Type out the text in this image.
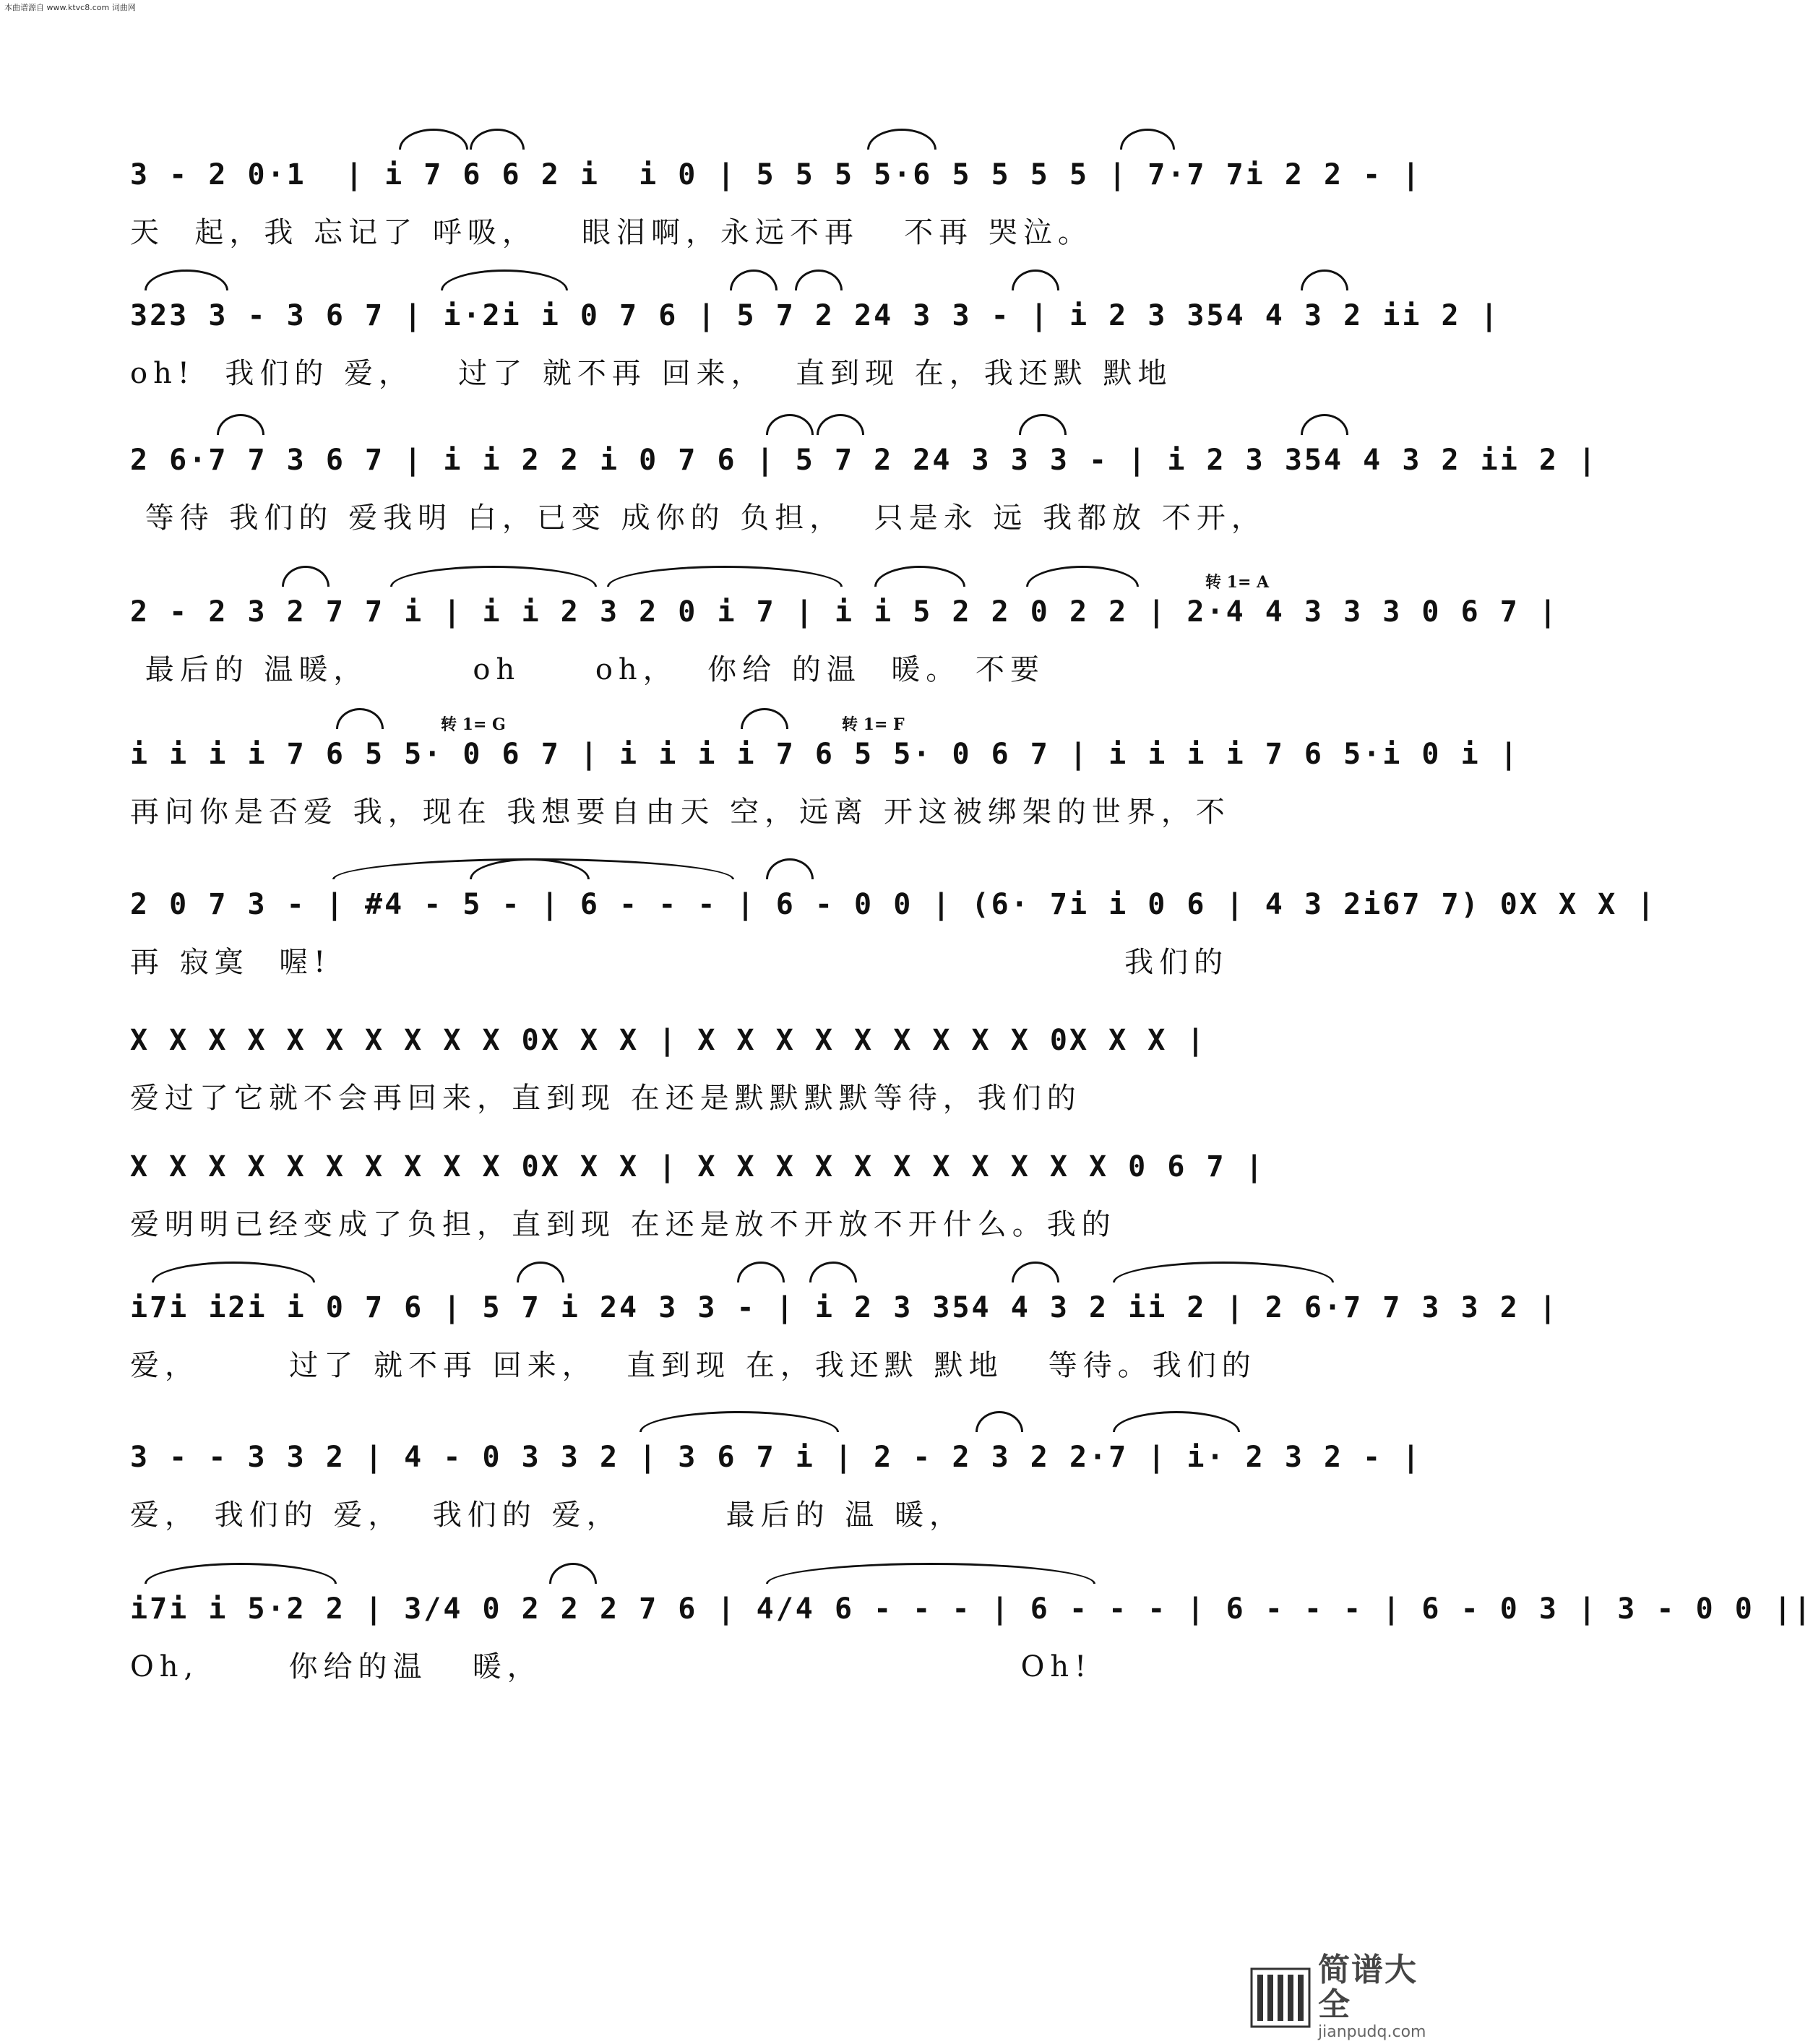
本曲谱源自 www.ktvc8.com 词曲网
3 - 2 0·1  | i 7 6 6 2 i  i 0 | 5 5 5 5·6 5 5 5 5 | 7·7 7i 2 2 - |
天  起，我 忘记了 呼吸，   眼泪啊，永远不再   不再 哭泣。
323 3 - 3 6 7 | i·2i i 0 7 6 | 5 7 2 24 3 3 - | i 2 3 354 4 3 2 ii 2 |
oh!  我们的 爱，   过了 就不再 回来，  直到现 在，我还默 默地
2 6·7 7 3 6 7 | i i 2 2 i 0 7 6 | 5 7 2 24 3 3 3 - | i 2 3 354 4 3 2 ii 2 |
等待 我们的 爱我明 白，已变 成你的 负担，  只是永 远 我都放 不开，
转 1= A
2 - 2 3 2 7 7 i | i i 2 3 2 0 i 7 | i i 5 2 2 0 2 2 | 2·4 4 3 3 3 0 6 7 |
最后的 温暖，       oh     oh，  你给 的温  暖。 不要
转 1= G	转 1= F
i i i i 7 6 5 5· 0 6 7 | i i i i 7 6 5 5· 0 6 7 | i i i i 7 6 5·i 0 i |
再问你是否爱 我，现在 我想要自由天 空，远离 开这被绑架的世界，不
2 0 7 3 - | #4 - 5 - | 6 - - - | 6 - 0 0 | (6· 7i i 0 6 | 4 3 2i67 7) 0X X X |
再 寂寞  喔!                                                     我们的
X X X X X X X X X X 0X X X | X X X X X X X X X 0X X X |
爱过了它就不会再回来，直到现 在还是默默默默等待，我们的
X X X X X X X X X X 0X X X | X X X X X X X X X X X 0 6 7 |
爱明明已经变成了负担，直到现 在还是放不开放不开什么。我的
i7i i2i i 0 7 6 | 5 7 i 24 3 3 - | i 2 3 354 4 3 2 ii 2 | 2 6·7 7 3 3 2 |
爱，      过了 就不再 回来，  直到现 在，我还默 默地   等待。我们的
3 - - 3 3 2 | 4 - 0 3 3 2 | 3 6 7 i | 2 - 2 3 2 2·7 | i· 2 3 2 - |
爱， 我们的 爱，  我们的 爱，       最后的 温 暖，
i7i i 5·2 2 | 3/4 0 2 2 2 7 6 | 4/4 6 - - - | 6 - - - | 6 - - - | 6 - 0 3 | 3 - 0 0 ||
Oh,      你给的温   暖，                                Oh!
简谱大全
jianpudq.com
